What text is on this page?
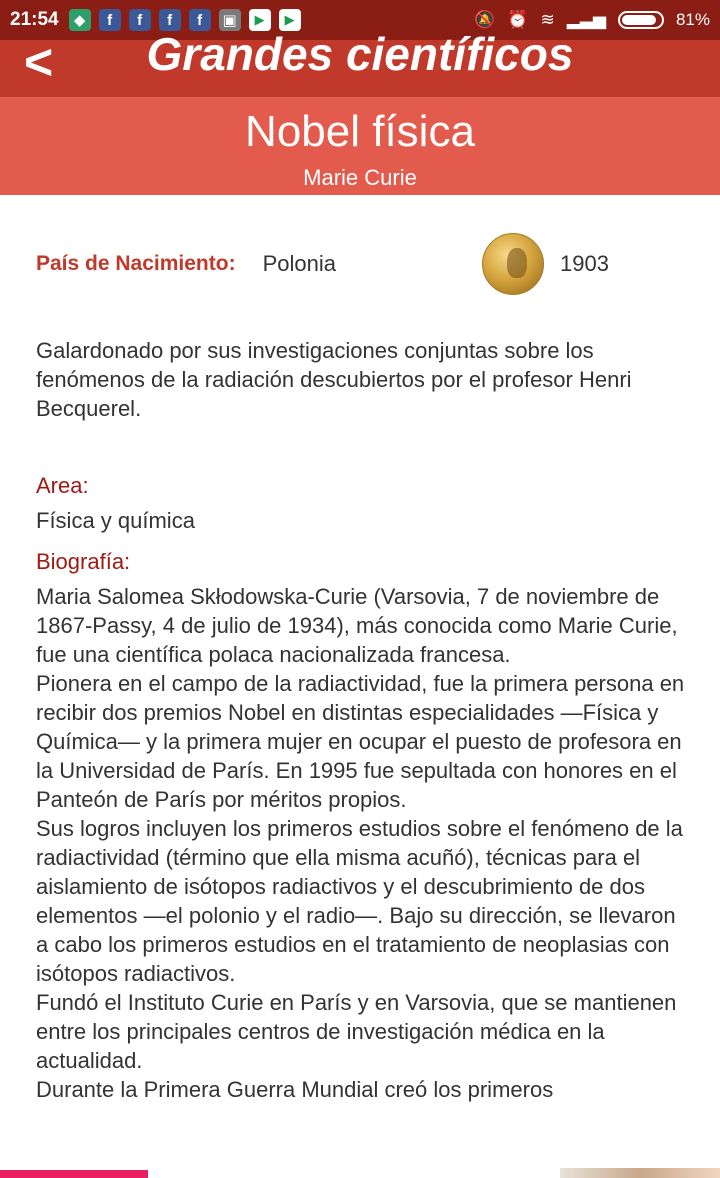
21:54	◆	f	f	f	f	▣	▶	▶	🔕 ⏰ ≋ ▂▃▅	81%
<	Grandes científicos
Nobel física
Marie Curie
País de Nacimiento: Polonia	1903
Galardonado por sus investigaciones conjuntas sobre los fenómenos de la radiación descubiertos por el profesor Henri Becquerel.
Area:
Física y química
Biografía:

Maria Salomea Skłodowska-Curie (Varsovia, 7 de noviembre de 1867-Passy, 4 de julio de 1934), más conocida como Marie Curie, fue una científica polaca nacionalizada francesa.

Pionera en el campo de la radiactividad, fue la primera persona en recibir dos premios Nobel en distintas especialidades —Física y Química— y la primera mujer en ocupar el puesto de profesora en la Universidad de París. En 1995 fue sepultada con honores en el Panteón de París por méritos propios.

Sus logros incluyen los primeros estudios sobre el fenómeno de la radiactividad (término que ella misma acuñó), técnicas para el aislamiento de isótopos radiactivos y el descubrimiento de dos elementos —el polonio y el radio—. Bajo su dirección, se llevaron a cabo los primeros estudios en el tratamiento de neoplasias con isótopos radiactivos.

Fundó el Instituto Curie en París y en Varsovia, que se mantienen entre los principales centros de investigación médica en la actualidad.

Durante la Primera Guerra Mundial creó los primeros
